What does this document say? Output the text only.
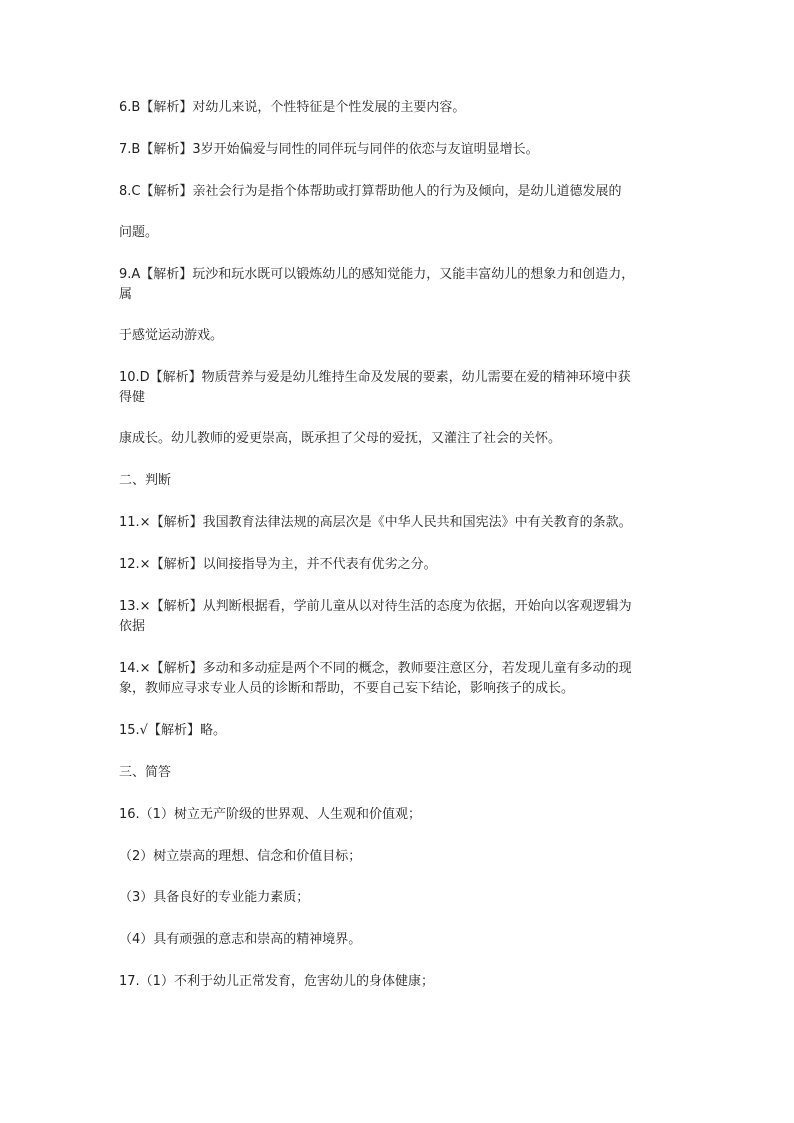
6.B【解析】对幼儿来说，个性特征是个性发展的主要内容。
7.B【解析】3岁开始偏爱与同性的同伴玩与同伴的依恋与友谊明显增长。
8.C【解析】亲社会行为是指个体帮助或打算帮助他人的行为及倾向，是幼儿道德发展的
问题。
9.A【解析】玩沙和玩水既可以锻炼幼儿的感知觉能力，又能丰富幼儿的想象力和创造力，
属
于感觉运动游戏。
10.D【解析】物质营养与爱是幼儿维持生命及发展的要素，幼儿需要在爱的精神环境中获
得健
康成长。幼儿教师的爱更崇高，既承担了父母的爱抚，又灌注了社会的关怀。
二、判断
11.×【解析】我国教育法律法规的高层次是《中华人民共和国宪法》中有关教育的条款。
12.×【解析】以间接指导为主，并不代表有优劣之分。
13.×【解析】从判断根据看，学前儿童从以对待生活的态度为依据，开始向以客观逻辑为
依据
14.×【解析】多动和多动症是两个不同的概念，教师要注意区分，若发现儿童有多动的现
象，教师应寻求专业人员的诊断和帮助，不要自己妄下结论，影响孩子的成长。
15.√【解析】略。
三、简答
16.（1）树立无产阶级的世界观、人生观和价值观；
（2）树立崇高的理想、信念和价值目标；
（3）具备良好的专业能力素质；
（4）具有顽强的意志和崇高的精神境界。
17.（1）不利于幼儿正常发育，危害幼儿的身体健康；
